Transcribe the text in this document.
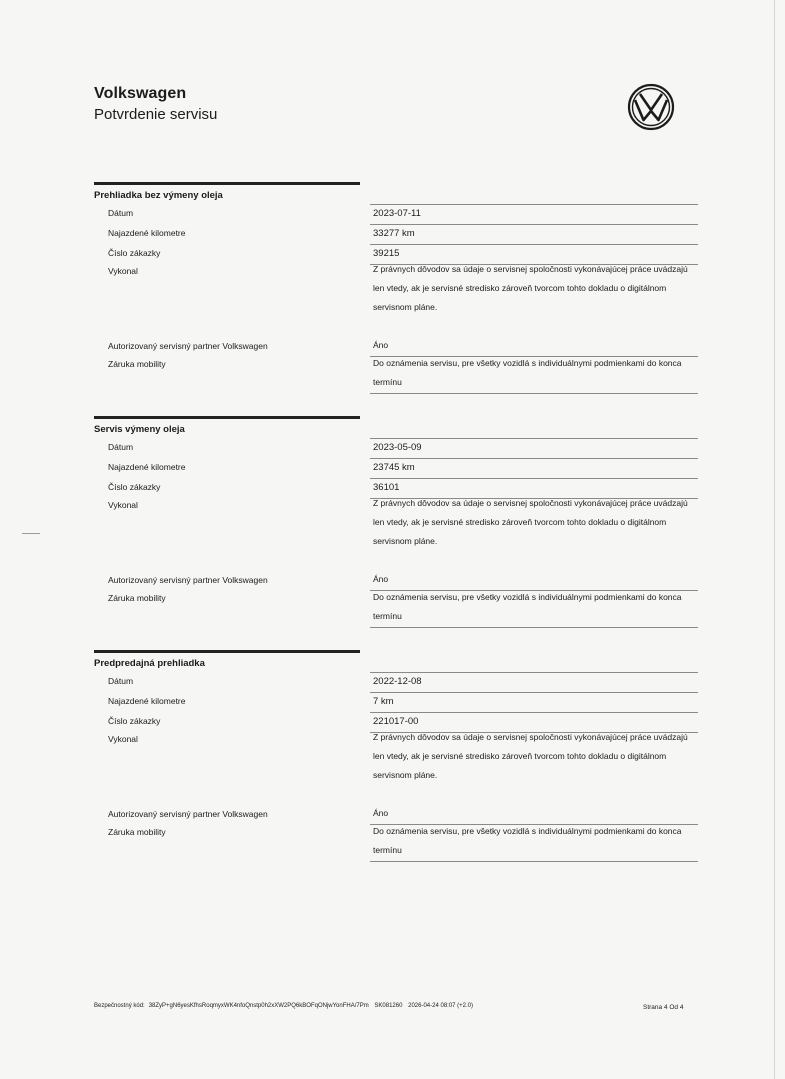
Volkswagen
Potvrdenie servisu
Prehliadka bez výmeny oleja
Dátum	2023-07-11
Najazdené kilometre	33277 km
Číslo zákazky	39215
Vykonal	Z právnych dôvodov sa údaje o servisnej spoločnosti vykonávajúcej práce uvádzajú len vtedy, ak je servisné stredisko zároveň tvorcom tohto dokladu o digitálnom servisnom pláne.
Autorizovaný servisný partner Volkswagen	Áno
Záruka mobility	Do oznámenia servisu, pre všetky vozidlá s individuálnymi podmienkami do konca termínu
Servis výmeny oleja
Dátum	2023-05-09
Najazdené kilometre	23745 km
Číslo zákazky	36101
Vykonal	Z právnych dôvodov sa údaje o servisnej spoločnosti vykonávajúcej práce uvádzajú len vtedy, ak je servisné stredisko zároveň tvorcom tohto dokladu o digitálnom servisnom pláne.
Autorizovaný servisný partner Volkswagen	Áno
Záruka mobility	Do oznámenia servisu, pre všetky vozidlá s individuálnymi podmienkami do konca termínu
Predpredajná prehliadka
Dátum	2022-12-08
Najazdené kilometre	7 km
Číslo zákazky	221017-00
Vykonal	Z právnych dôvodov sa údaje o servisnej spoločnosti vykonávajúcej práce uvádzajú len vtedy, ak je servisné stredisko zároveň tvorcom tohto dokladu o digitálnom servisnom pláne.
Autorizovaný servisný partner Volkswagen	Áno
Záruka mobility	Do oznámenia servisu, pre všetky vozidlá s individuálnymi podmienkami do konca termínu
Bezpečnostný kód: 38ZyP+gN6yesKfhsRoqmyxWK4nfoQnstp0h2xXW2PQ6kBOFqONjwYonFHA/7Pm SK081260 2026-04-24 08:07 (+2.0)	Strana 4 Od 4
